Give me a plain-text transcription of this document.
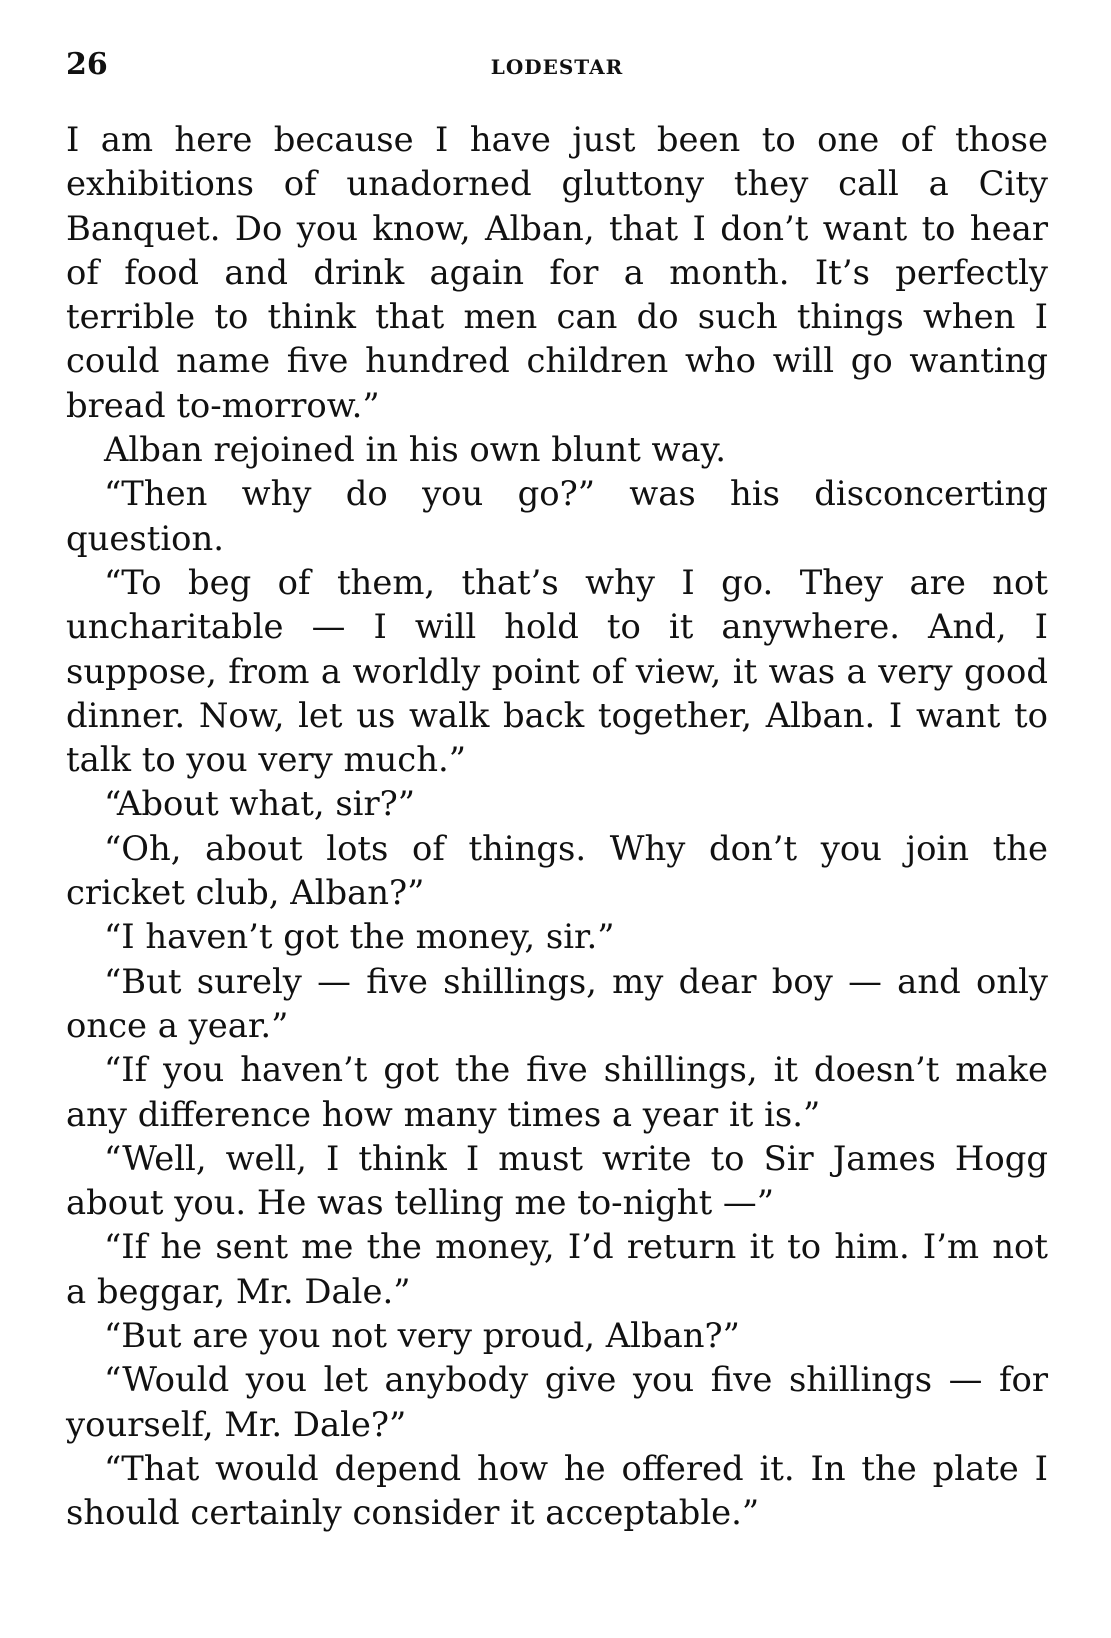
26	LODESTAR

I am here because I have just been to one of those exhibitions of unadorned gluttony they call a City Banquet. Do you know, Alban, that I don’t want to hear of food and drink again for a month. It’s perfectly terrible to think that men can do such things when I could name five hundred children who will go wanting bread to-morrow.”

Alban rejoined in his own blunt way.

“Then why do you go?” was his disconcerting question.

“To beg of them, that’s why I go. They are not uncharitable — I will hold to it anywhere. And, I suppose, from a worldly point of view, it was a very good dinner. Now, let us walk back together, Alban. I want to talk to you very much.”

“About what, sir?”

“Oh, about lots of things. Why don’t you join the cricket club, Alban?”

“I haven’t got the money, sir.”

“But surely — five shillings, my dear boy — and only once a year.”

“If you haven’t got the five shillings, it doesn’t make any difference how many times a year it is.”

“Well, well, I think I must write to Sir James Hogg about you. He was telling me to-night —”

“If he sent me the money, I’d return it to him. I’m not a beggar, Mr. Dale.”

“But are you not very proud, Alban?”

“Would you let anybody give you five shillings — for yourself, Mr. Dale?”

“That would depend how he offered it. In the plate I should certainly consider it acceptable.”
